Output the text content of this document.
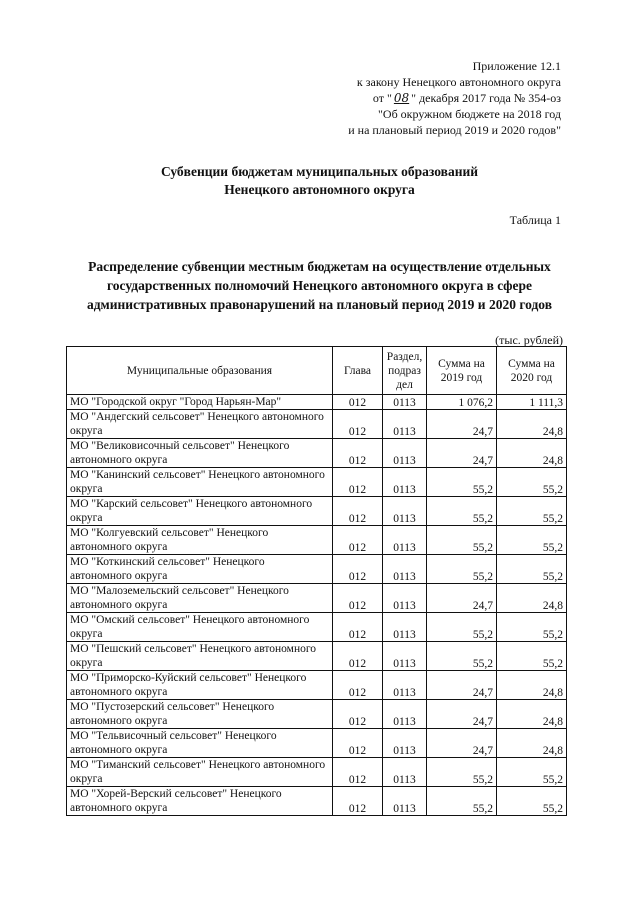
Приложение 12.1
к закону Ненецкого автономного округа
от " 08 " декабря 2017 года № 354-оз
"Об окружном бюджете на 2018 год
и на плановый период 2019 и 2020 годов"
Субвенции бюджетам муниципальных образований
Ненецкого автономного округа
Таблица 1
Распределение субвенции местным бюджетам на осуществление отдельных
государственных полномочий Ненецкого автономного округа в сфере
административных правонарушений на плановый период 2019 и 2020 годов
(тыс. рублей)
Муниципальные образования	Глава	Раздел, подраз дел	Сумма на 2019 год	Сумма на 2020 год
МО "Городской округ "Город Нарьян-Мар"	012	0113	1 076,2	1 111,3
МО "Андегский сельсовет" Ненецкого автономного округа	012	0113	24,7	24,8
МО "Великовисочный сельсовет" Ненецкого автономного округа	012	0113	24,7	24,8
МО "Канинский сельсовет" Ненецкого автономного округа	012	0113	55,2	55,2
МО "Карский сельсовет" Ненецкого автономного округа	012	0113	55,2	55,2
МО "Колгуевский сельсовет" Ненецкого автономного округа	012	0113	55,2	55,2
МО "Коткинский сельсовет" Ненецкого автономного округа	012	0113	55,2	55,2
МО "Малоземельский сельсовет" Ненецкого автономного округа	012	0113	24,7	24,8
МО "Омский сельсовет" Ненецкого автономного округа	012	0113	55,2	55,2
МО "Пешский сельсовет" Ненецкого автономного округа	012	0113	55,2	55,2
МО "Приморско-Куйский сельсовет" Ненецкого автономного округа	012	0113	24,7	24,8
МО "Пустозерский сельсовет" Ненецкого автономного округа	012	0113	24,7	24,8
МО "Тельвисочный сельсовет" Ненецкого автономного округа	012	0113	24,7	24,8
МО "Тиманский сельсовет" Ненецкого автономного округа	012	0113	55,2	55,2
МО "Хорей-Верский сельсовет" Ненецкого автономного округа	012	0113	55,2	55,2
